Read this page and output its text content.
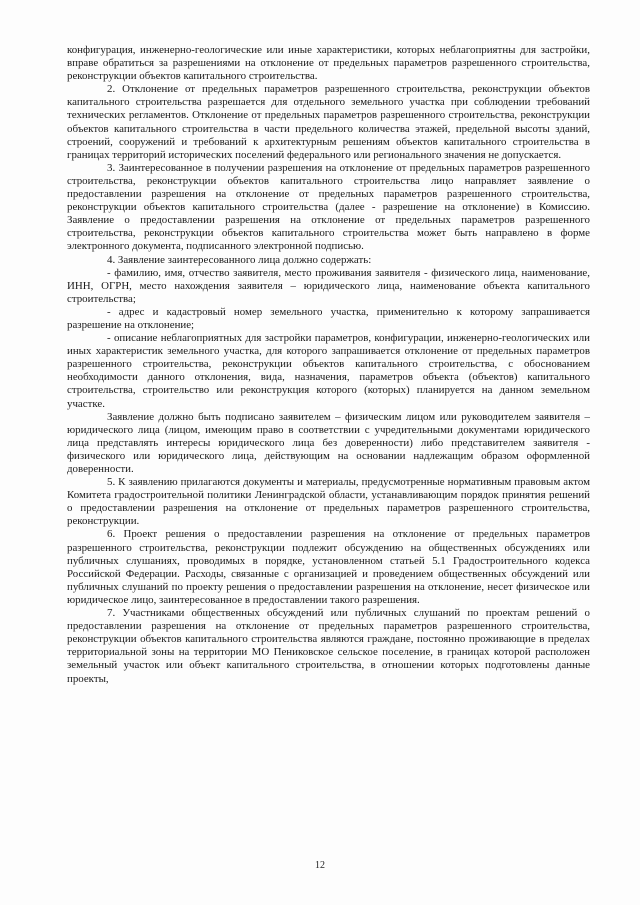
конфигурация, инженерно-геологические или иные характеристики, которых неблагоприятны для застройки, вправе обратиться за разрешениями на отклонение от предельных параметров разрешенного строительства, реконструкции объектов капитального строительства.

2. Отклонение от предельных параметров разрешенного строительства, реконструкции объектов капитального строительства разрешается для отдельного земельного участка при соблюдении требований технических регламентов. Отклонение от предельных параметров разрешенного строительства, реконструкции объектов капитального строительства в части предельного количества этажей, предельной высоты зданий, строений, сооружений и требований к архитектурным решениям объектов капитального строительства в границах территорий исторических поселений федерального или регионального значения не допускается.

3. Заинтересованное в получении разрешения на отклонение от предельных параметров разрешенного строительства, реконструкции объектов капитального строительства лицо направляет заявление о предоставлении разрешения на отклонение от предельных параметров разрешенного строительства, реконструкции объектов капитального строительства (далее - разрешение на отклонение) в Комиссию. Заявление о предоставлении разрешения на отклонение от предельных параметров разрешенного строительства, реконструкции объектов капитального строительства может быть направлено в форме электронного документа, подписанного электронной подписью.

4. Заявление заинтересованного лица должно содержать:

- фамилию, имя, отчество заявителя, место проживания заявителя - физического лица, наименование, ИНН, ОГРН, место нахождения заявителя – юридического лица, наименование объекта капитального строительства;

- адрес и кадастровый номер земельного участка, применительно к которому запрашивается разрешение на отклонение;

- описание неблагоприятных для застройки параметров, конфигурации, инженерно-геологических или иных характеристик земельного участка, для которого запрашивается отклонение от предельных параметров разрешенного строительства, реконструкции объектов капитального строительства, с обоснованием необходимости данного отклонения, вида, назначения, параметров объекта (объектов) капитального строительства, строительство или реконструкция которого (которых) планируется на данном земельном участке.

Заявление должно быть подписано заявителем – физическим лицом или руководителем заявителя – юридического лица (лицом, имеющим право в соответствии с учредительными документами юридического лица представлять интересы юридического лица без доверенности) либо представителем заявителя - физического или юридического лица, действующим на основании надлежащим образом оформленной доверенности.

5. К заявлению прилагаются документы и материалы, предусмотренные нормативным правовым актом Комитета градостроительной политики Ленинградской области, устанавливающим порядок принятия решений о предоставлении разрешения на отклонение от предельных параметров разрешенного строительства, реконструкции.

6. Проект решения о предоставлении разрешения на отклонение от предельных параметров разрешенного строительства, реконструкции подлежит обсуждению на общественных обсуждениях или публичных слушаниях, проводимых в порядке, установленном статьей 5.1 Градостроительного кодекса Российской Федерации. Расходы, связанные с организацией и проведением общественных обсуждений или публичных слушаний по проекту решения о предоставлении разрешения на отклонение, несет физическое или юридическое лицо, заинтересованное в предоставлении такого разрешения.

7. Участниками общественных обсуждений или публичных слушаний по проектам решений о предоставлении разрешения на отклонение от предельных параметров разрешенного строительства, реконструкции объектов капитального строительства являются граждане, постоянно проживающие в пределах территориальной зоны на территории МО Пениковское сельское поселение, в границах которой расположен земельный участок или объект капитального строительства, в отношении которых подготовлены данные проекты,

12
